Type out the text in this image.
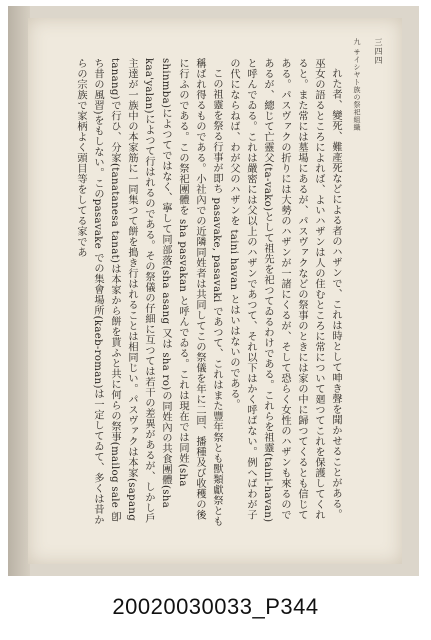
三四四
九 サイシヤト族の祭祀組織

れた者、變死、難產死などによる者のハザンで、これは時として呻き聲を聞かせることがある。巫女の語るところによれば、よいハザンは人の住むところに常について廻つてこれを保護してくれると。また常には墓場にあるが、パスヴァクなどの祭事のときには家の中に歸つてくるとも信じてある。パスヴァクの折りには大勢のハザンが一諸にくるが、そして恐らく女性のハザンも來るのであるが、總じて亡靈父(ta-vako)として祖先を祀つてゐるわけである。これらを祖靈(taini-havan)と呼んでゐる。これは嚴密には父以上のハザンであつて、それ以下はかく呼ばない。例へばわが子の代にならねば、わが父のハザンを taini havan とはいはないのである。

この祖靈を祭る行事が即ち pasavake, pasavaki であつて、これはまた豐年祭とも獸類獻祭とも稱ばれ得るものである。小社內での近隣同姓者は共同してこの祭儀を年に二回、播種及び收穫の後に行ふのである。この祭祀團體を sha pasvakan と呼んでゐる。これは現在では同姓(sha shinmba)によつてではなく、寧して同部落(sha asang 又は sha ro)の同姓內の共食團體(sha kaa'yalan)によつて行はれるのである。その祭儀の仔細に互つては若干の差異があるが、しかし戶主達が一族中の本家筋に一同集つて餅を搗き行はれることは相同じい。パスヴァクは本家(sapang tanang)で行ひ、分家(tanatanesa tanat)は本家から餅を貰ふと共に何らの祭事(mailog sale 卽ち昔の風習)をもしない。このpasavake での集會場所(kaeb-roman)は一定してゐて、多くは昔からの宗族で家柄よく頭目等をしてる家であ

20020030033_P344
